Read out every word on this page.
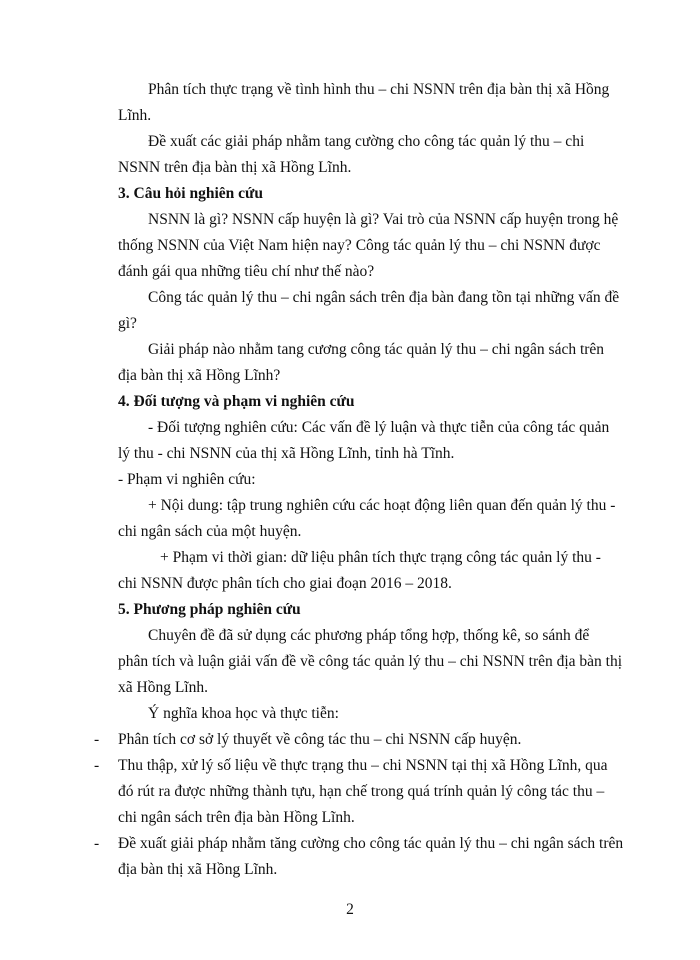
Phân tích thực trạng về tình hình thu – chi NSNN trên địa bàn thị xã Hồng

Lĩnh.

Đề xuất các giải pháp nhằm tang cường cho công tác quản lý thu – chi

NSNN trên địa bàn thị xã Hồng Lĩnh.

3. Câu hỏi nghiên cứu

NSNN là gì? NSNN cấp huyện là gì? Vai trò của NSNN cấp huyện trong hệ

thống NSNN của Việt Nam hiện nay? Công tác quản lý thu – chi NSNN được

đánh gái qua những tiêu chí như thế nào?

Công tác quản lý thu – chi ngân sách trên địa bàn đang tồn tại những vấn đề

gì?

Giải pháp nào nhằm tang cương công tác quản lý thu – chi ngân sách trên

địa bàn thị xã Hồng Lĩnh?

4. Đối tượng và phạm vi nghiên cứu

- Đối tượng nghiên cứu: Các vấn đề lý luận và thực tiễn của công tác quản

lý thu - chi NSNN của thị xã Hồng Lĩnh, tỉnh hà Tĩnh.

- Phạm vi nghiên cứu:

+ Nội dung: tập trung nghiên cứu các hoạt động liên quan đến quản lý thu -

chi ngân sách của một huyện.

+ Phạm vi thời gian: dữ liệu phân tích thực trạng công tác quản lý thu -

chi NSNN được phân tích cho giai đoạn 2016 – 2018.

5. Phương pháp nghiên cứu

Chuyên đề đã sử dụng các phương pháp tổng hợp, thống kê, so sánh để

phân tích và luận giải vấn đề về công tác quản lý thu – chi NSNN trên địa bàn thị

xã Hồng Lĩnh.

Ý nghĩa khoa học và thực tiễn:

- Phân tích cơ sở lý thuyết về công tác thu – chi NSNN cấp huyện.

- Thu thập, xử lý số liệu về thực trạng thu – chi NSNN tại thị xã Hồng Lĩnh, qua

đó rút ra được những thành tựu, hạn chế trong quá trính quản lý công tác thu –

chi ngân sách trên địa bàn Hồng Lĩnh.

- Đề xuất giải pháp nhằm tăng cường cho công tác quản lý thu – chi ngân sách trên

địa bàn thị xã Hồng Lĩnh.

2
